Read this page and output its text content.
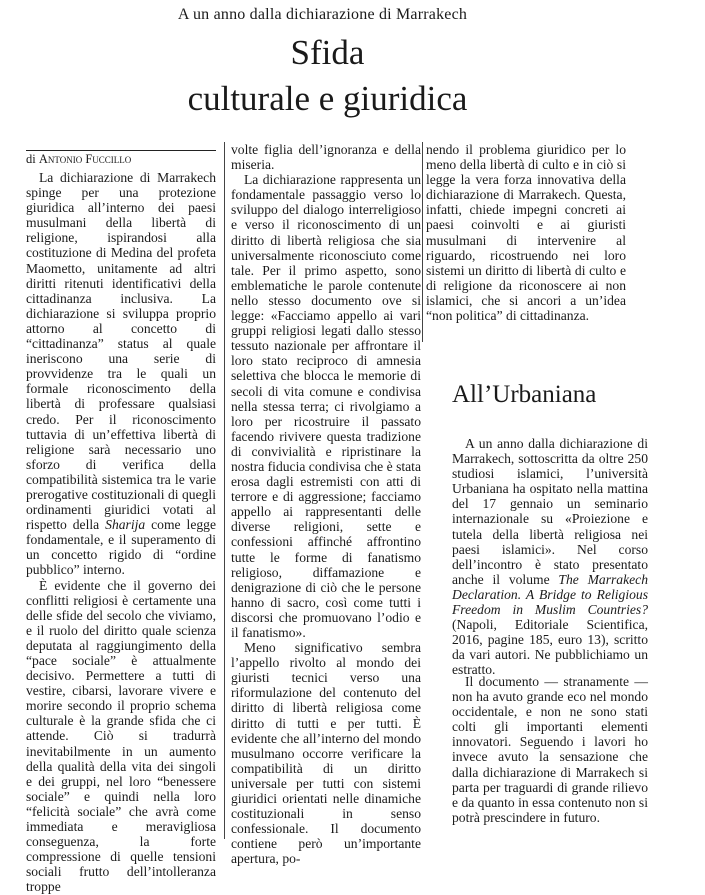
A un anno dalla dichiarazione di Marrakech
Sfida
culturale e giuridica
di Antonio Fuccillo

La dichiarazione di Marrakech spinge per una protezione giuridica all’interno dei paesi musulmani della libertà di religione, ispirandosi alla costituzione di Medina del profeta Maometto, unitamente ad altri diritti ritenuti identificativi della cittadinanza inclusiva. La dichiarazione si sviluppa proprio attorno al concetto di “cittadinanza” status al quale ineriscono una serie di provvidenze tra le quali un formale riconoscimento della libertà di professare qualsiasi credo. Per il riconoscimento tuttavia di un’effettiva libertà di religione sarà necessario uno sforzo di verifica della compatibilità sistemica tra le varie prerogative costituzionali di quegli ordinamenti giuridici votati al rispetto della Sharija come legge fondamentale, e il superamento di un concetto rigido di “ordine pubblico” interno.

È evidente che il governo dei conflitti religiosi è certamente una delle sfide del secolo che viviamo, e il ruolo del diritto quale scienza deputata al raggiungimento della “pace sociale” è attualmente decisivo. Permettere a tutti di vestire, cibarsi, lavorare vivere e morire secondo il proprio schema culturale è la grande sfida che ci attende. Ciò si tradurrà inevitabilmente in un aumento della qualità della vita dei singoli e dei gruppi, nel loro “benessere sociale” e quindi nella loro “felicità sociale” che avrà come immediata e meravigliosa conseguenza, la forte compressione di quelle tensioni sociali frutto dell’intolleranza troppe

volte figlia dell’ignoranza e della miseria.

La dichiarazione rappresenta un fondamentale passaggio verso lo sviluppo del dialogo interreligioso e verso il riconoscimento di un diritto di libertà religiosa che sia universalmente riconosciuto come tale. Per il primo aspetto, sono emblematiche le parole contenute nello stesso documento ove si legge: «Facciamo appello ai vari gruppi religiosi legati dallo stesso tessuto nazionale per affrontare il loro stato reciproco di amnesia selettiva che blocca le memorie di secoli di vita comune e condivisa nella stessa terra; ci rivolgiamo a loro per ricostruire il passato facendo rivivere questa tradizione di convivialità e ripristinare la nostra fiducia condivisa che è stata erosa dagli estremisti con atti di terrore e di aggressione; facciamo appello ai rappresentanti delle diverse religioni, sette e confessioni affinché affrontino tutte le forme di fanatismo religioso, diffamazione e denigrazione di ciò che le persone hanno di sacro, così come tutti i discorsi che promuovano l’odio e il fanatismo».

Meno significativo sembra l’appello rivolto al mondo dei giuristi tecnici verso una riformulazione del contenuto del diritto di libertà religiosa come diritto di tutti e per tutti. È evidente che all’interno del mondo musulmano occorre verificare la compatibilità di un diritto universale per tutti con sistemi giuridici orientati nelle dinamiche costituzionali in senso confessionale. Il documento contiene però un’importante apertura, po-

nendo il problema giuridico per lo meno della libertà di culto e in ciò si legge la vera forza innovativa della dichiarazione di Marrakech. Questa, infatti, chiede impegni concreti ai paesi coinvolti e ai giuristi musulmani di intervenire al riguardo, ricostruendo nei loro sistemi un diritto di libertà di culto e di religione da riconoscere ai non islamici, che si ancori a un’idea “non politica” di cittadinanza.

All’Urbaniana

A un anno dalla dichiarazione di Marrakech, sottoscritta da oltre 250 studiosi islamici, l’università Urbaniana ha ospitato nella mattina del 17 gennaio un seminario internazionale su «Proiezione e tutela della libertà religiosa nei paesi islamici». Nel corso dell’incontro è stato presentato anche il volume The Marrakech Declaration. A Bridge to Religious Freedom in Muslim Countries? (Napoli, Editoriale Scientifica, 2016, pagine 185, euro 13), scritto da vari autori. Ne pubblichiamo un estratto.

Il documento — stranamente — non ha avuto grande eco nel mondo occidentale, e non ne sono stati colti gli importanti elementi innovatori. Seguendo i lavori ho invece avuto la sensazione che dalla dichiarazione di Marrakech si parta per traguardi di grande rilievo e da quanto in essa contenuto non si potrà prescindere in futuro.
